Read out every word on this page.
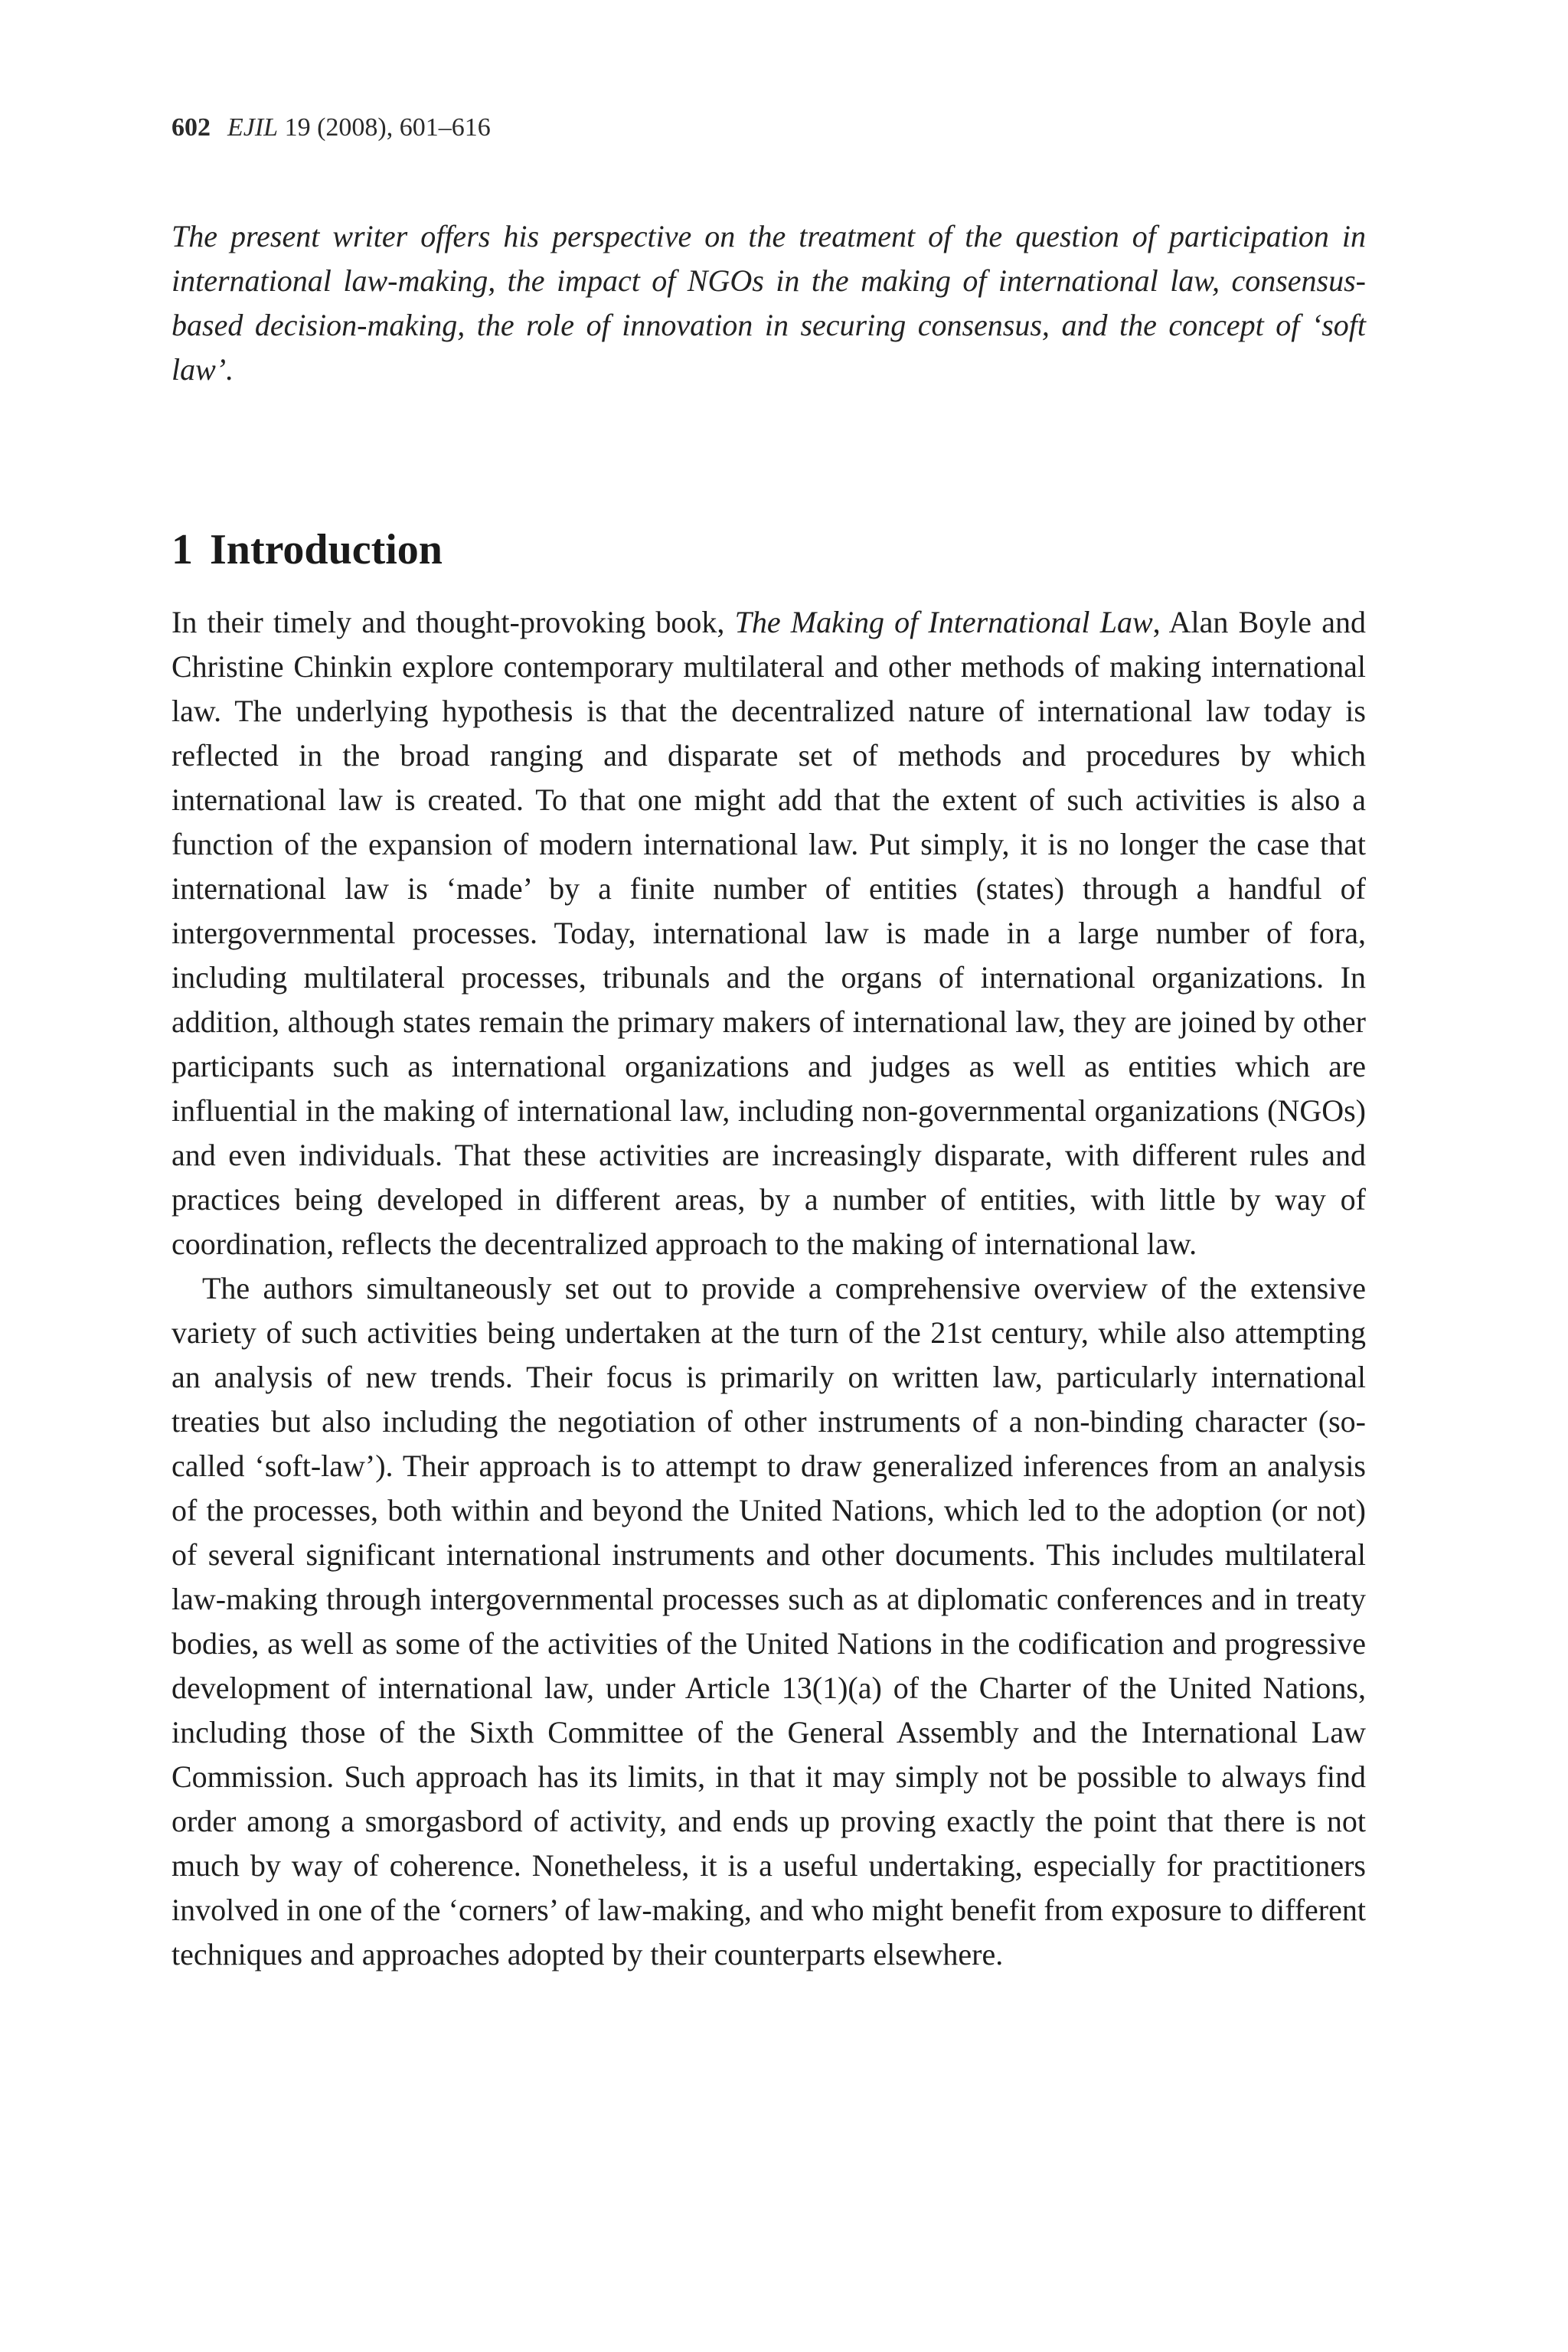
602 EJIL 19 (2008), 601–616
The present writer offers his perspective on the treatment of the question of participation in international law-making, the impact of NGOs in the making of international law, consensus-based decision-making, the role of innovation in securing consensus, and the concept of ‘soft law’.
1 Introduction

In their timely and thought-provoking book, The Making of International Law, Alan Boyle and Christine Chinkin explore contemporary multilateral and other methods of making international law. The underlying hypothesis is that the decentralized nature of international law today is reflected in the broad ranging and disparate set of methods and procedures by which international law is created. To that one might add that the extent of such activities is also a function of the expansion of modern international law. Put simply, it is no longer the case that international law is ‘made’ by a finite number of entities (states) through a handful of intergovernmental processes. Today, international law is made in a large number of fora, including multilateral processes, tribunals and the organs of international organizations. In addition, although states remain the primary makers of international law, they are joined by other participants such as international organizations and judges as well as entities which are influential in the making of international law, including non-governmental organizations (NGOs) and even individuals. That these activities are increasingly disparate, with different rules and practices being developed in different areas, by a number of entities, with little by way of coordination, reflects the decentralized approach to the making of international law.

The authors simultaneously set out to provide a comprehensive overview of the extensive variety of such activities being undertaken at the turn of the 21st century, while also attempting an analysis of new trends. Their focus is primarily on written law, particularly international treaties but also including the negotiation of other instruments of a non-binding character (so-called ‘soft-law’). Their approach is to attempt to draw generalized inferences from an analysis of the processes, both within and beyond the United Nations, which led to the adoption (or not) of several significant international instruments and other documents. This includes multilateral law-making through intergovernmental processes such as at diplomatic conferences and in treaty bodies, as well as some of the activities of the United Nations in the codification and progressive development of international law, under Article 13(1)(a) of the Charter of the United Nations, including those of the Sixth Committee of the General Assembly and the International Law Commission. Such approach has its limits, in that it may simply not be possible to always find order among a smorgasbord of activity, and ends up proving exactly the point that there is not much by way of coherence. Nonetheless, it is a useful undertaking, especially for practitioners involved in one of the ‘corners’ of law-making, and who might benefit from exposure to different techniques and approaches adopted by their counterparts elsewhere.
